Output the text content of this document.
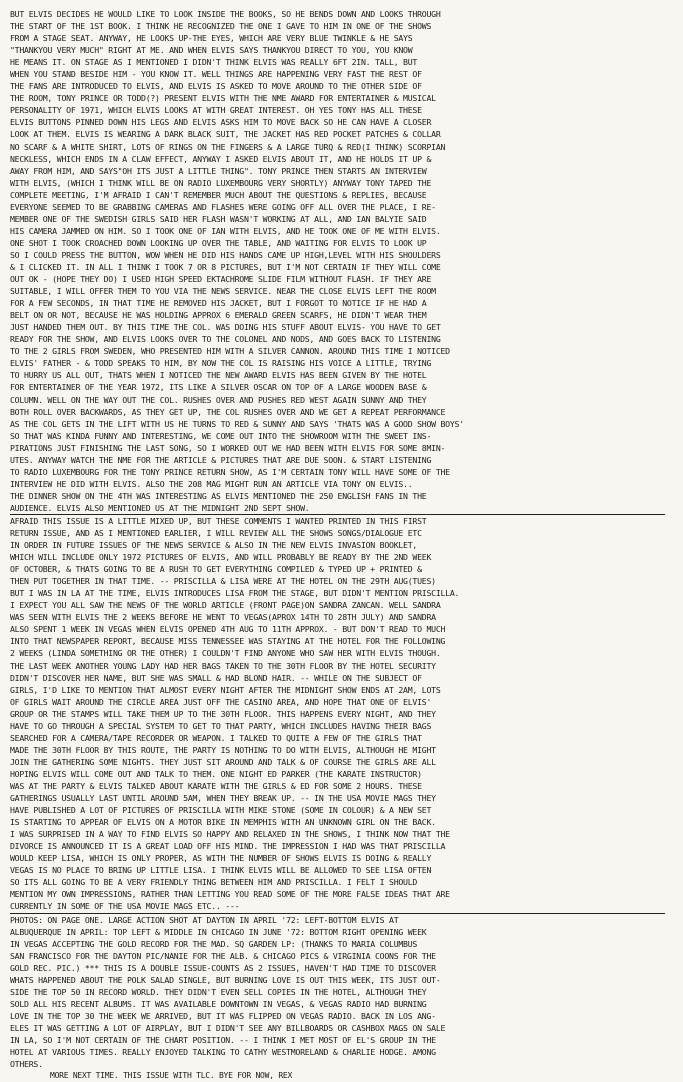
BUT ELVIS DECIDES HE WOULD LIKE TO LOOK INSIDE THE BOOKS, SO HE BENDS DOWN AND LOOKS THROUGH
THE START OF THE 1ST BOOK. I THINK HE RECOGNIZED THE ONE I GAVE TO HIM IN ONE OF THE SHOWS
FROM A STAGE SEAT. ANYWAY, HE LOOKS UP-THE EYES, WHICH ARE VERY BLUE TWINKLE & HE SAYS
"THANKYOU VERY MUCH" RIGHT AT ME. AND WHEN ELVIS SAYS THANKYOU DIRECT TO YOU, YOU KNOW
HE MEANS IT. ON STAGE AS I MENTIONED I DIDN'T THINK ELVIS WAS REALLY 6FT 2IN. TALL, BUT
WHEN YOU STAND BESIDE HIM - YOU KNOW IT. WELL THINGS ARE HAPPENING VERY FAST THE REST OF
THE FANS ARE INTRODUCED TO ELVIS, AND ELVIS IS ASKED TO MOVE AROUND TO THE OTHER SIDE OF
THE ROOM, TONY PRINCE OR TODD(?) PRESENT ELVIS WITH THE NME AWARD FOR ENTERTAINER & MUSICAL
PERSONALITY OF 1971, WHICH ELVIS LOOKS AT WITH GREAT INTEREST. OH YES TONY HAS ALL THESE
ELVIS BUTTONS PINNED DOWN HIS LEGS AND ELVIS ASKS HIM TO MOVE BACK SO HE CAN HAVE A CLOSER
LOOK AT THEM. ELVIS IS WEARING A DARK BLACK SUIT, THE JACKET HAS RED POCKET PATCHES & COLLAR
NO SCARF & A WHITE SHIRT, LOTS OF RINGS ON THE FINGERS & A LARGE TURQ & RED(I THINK) SCORPIAN
NECKLESS, WHICH ENDS IN A CLAW EFFECT, ANYWAY I ASKED ELVIS ABOUT IT, AND HE HOLDS IT UP &
AWAY FROM HIM, AND SAYS"OH ITS JUST A LITTLE THING". TONY PRINCE THEN STARTS AN INTERVIEW
WITH ELVIS, (WHICH I THINK WILL BE ON RADIO LUXEMBOURG VERY SHORTLY) ANYWAY TONY TAPED THE
COMPLETE MEETING, I'M AFRAID I CAN'T REMEMBER MUCH ABOUT THE QUESTIONS & REPLIES, BECAUSE
EVERYONE SEEMED TO BE GRABBING CAMERAS AND FLASHES WERE GOING OFF ALL OVER THE PLACE, I RE-
MEMBER ONE OF THE SWEDISH GIRLS SAID HER FLASH WASN'T WORKING AT ALL, AND IAN BALYIE SAID
HIS CAMERA JAMMED ON HIM. SO I TOOK ONE OF IAN WITH ELVIS, AND HE TOOK ONE OF ME WITH ELVIS.
ONE SHOT I TOOK CROACHED DOWN LOOKING UP OVER THE TABLE, AND WAITING FOR ELVIS TO LOOK UP
SO I COULD PRESS THE BUTTON, WOW WHEN HE DID HIS HANDS CAME UP HIGH,LEVEL WITH HIS SHOULDERS
& I CLICKED IT. IN ALL I THINK I TOOK 7 OR 8 PICTURES, BUT I'M NOT CERTAIN IF THEY WILL COME
OUT OK - (HOPE THEY DO) I USED HIGH SPEED EKTACHROME SLIDE FILM WITHOUT FLASH. IF THEY ARE
SUITABLE, I WILL OFFER THEM TO YOU VIA THE NEWS SERVICE. NEAR THE CLOSE ELVIS LEFT THE ROOM
FOR A FEW SECONDS, IN THAT TIME HE REMOVED HIS JACKET, BUT I FORGOT TO NOTICE IF HE HAD A
BELT ON OR NOT, BECAUSE HE WAS HOLDING APPROX 6 EMERALD GREEN SCARFS, HE DIDN'T WEAR THEM
JUST HANDED THEM OUT. BY THIS TIME THE COL. WAS DOING HIS STUFF ABOUT ELVIS- YOU HAVE TO GET
READY FOR THE SHOW, AND ELVIS LOOKS OVER TO THE COLONEL AND NODS, AND GOES BACK TO LISTENING
TO THE 2 GIRLS FROM SWEDEN, WHO PRESENTED HIM WITH A SILVER CANNON. AROUND THIS TIME I NOTICED
ELVIS' FATHER - & TODD SPEAKS TO HIM, BY NOW THE COL IS RAISING HIS VOICE A LITTLE, TRYING
TO HURRY US ALL OUT, THATS WHEN I NOTICED THE NEW AWARD ELVIS HAS BEEN GIVEN BY THE HOTEL
FOR ENTERTAINER OF THE YEAR 1972, ITS LIKE A SILVER OSCAR ON TOP OF A LARGE WOODEN BASE &
COLUMN. WELL ON THE WAY OUT THE COL. RUSHES OVER AND PUSHES RED WEST AGAIN SUNNY AND THEY
BOTH ROLL OVER BACKWARDS, AS THEY GET UP, THE COL RUSHES OVER AND WE GET A REPEAT PERFORMANCE
AS THE COL GETS IN THE LIFT WITH US HE TURNS TO RED & SUNNY AND SAYS 'THATS WAS A GOOD SHOW BOYS'
SO THAT WAS KINDA FUNNY AND INTERESTING, WE COME OUT INTO THE SHOWROOM WITH THE SWEET INS-
PIRATIONS JUST FINISHING THE LAST SONG, SO I WORKED OUT WE HAD BEEN WITH ELVIS FOR SOME 8MIN-
UTES. ANYWAY WATCH THE NME FOR THE ARTICLE & PICTURES THAT ARE DUE SOON. & START LISTENING
TO RADIO LUXEMBOURG FOR THE TONY PRINCE RETURN SHOW, AS I'M CERTAIN TONY WILL HAVE SOME OF THE
INTERVIEW HE DID WITH ELVIS. ALSO THE 208 MAG MIGHT RUN AN ARTICLE VIA TONY ON ELVIS..
THE DINNER SHOW ON THE 4TH WAS INTERESTING AS ELVIS MENTIONED THE 250 ENGLISH FANS IN THE
AUDIENCE. ELVIS ALSO MENTIONED US AT THE MIDNIGHT 2ND SEPT SHOW.
AFRAID THIS ISSUE IS A LITTLE MIXED UP, BUT THESE COMMENTS I WANTED PRINTED IN THIS FIRST
RETURN ISSUE, AND AS I MENTIONED EARLIER, I WILL REVIEW ALL THE SHOWS SONGS/DIALOGUE ETC
IN ORDER IN FUTURE ISSUES OF THE NEWS SERVICE & ALSO IN THE NEW ELVIS INVASION BOOKLET,
WHICH WILL INCLUDE ONLY 1972 PICTURES OF ELVIS, AND WILL PROBABLY BE READY BY THE 2ND WEEK
OF OCTOBER, & THATS GOING TO BE A RUSH TO GET EVERYTHING COMPILED & TYPED UP + PRINTED &
THEN PUT TOGETHER IN THAT TIME. -- PRISCILLA & LISA WERE AT THE HOTEL ON THE 29TH AUG(TUES)
BUT I WAS IN LA AT THE TIME, ELVIS INTRODUCES LISA FROM THE STAGE, BUT DIDN'T MENTION PRISCILLA.
I EXPECT YOU ALL SAW THE NEWS OF THE WORLD ARTICLE (FRONT PAGE)ON SANDRA ZANCAN. WELL SANDRA
WAS SEEN WITH ELVIS THE 2 WEEKS BEFORE HE WENT TO VEGAS(APROX 14TH TO 28TH JULY) AND SANDRA
ALSO SPENT 1 WEEK IN VEGAS WHEN ELVIS OPENED 4TH AUG TO 11TH APPROX. - BUT DON'T READ TO MUCH
INTO THAT NEWSPAPER REPORT, BECAUSE MISS TENNESSEE WAS STAYING AT THE HOTEL FOR THE FOLLOWING
2 WEEKS (LINDA SOMETHING OR THE OTHER) I COULDN'T FIND ANYONE WHO SAW HER WITH ELVIS THOUGH.
THE LAST WEEK ANOTHER YOUNG LADY HAD HER BAGS TAKEN TO THE 30TH FLOOR BY THE HOTEL SECURITY
DIDN'T DISCOVER HER NAME, BUT SHE WAS SMALL & HAD BLOND HAIR. -- WHILE ON THE SUBJECT OF
GIRLS, I'D LIKE TO MENTION THAT ALMOST EVERY NIGHT AFTER THE MIDNIGHT SHOW ENDS AT 2AM, LOTS
OF GIRLS WAIT AROUND THE CIRCLE AREA JUST OFF THE CASINO AREA, AND HOPE THAT ONE OF ELVIS'
GROUP OR THE STAMPS WILL TAKE THEM UP TO THE 30TH FLOOR. THIS HAPPENS EVERY NIGHT, AND THEY
HAVE TO GO THROUGH A SPECIAL SYSTEM TO GET TO THAT PARTY, WHICH INCLUDES HAVING THEIR BAGS
SEARCHED FOR A CAMERA/TAPE RECORDER OR WEAPON. I TALKED TO QUITE A FEW OF THE GIRLS THAT
MADE THE 30TH FLOOR BY THIS ROUTE, THE PARTY IS NOTHING TO DO WITH ELVIS, ALTHOUGH HE MIGHT
JOIN THE GATHERING SOME NIGHTS. THEY JUST SIT AROUND AND TALK & OF COURSE THE GIRLS ARE ALL
HOPING ELVIS WILL COME OUT AND TALK TO THEM. ONE NIGHT ED PARKER (THE KARATE INSTRUCTOR)
WAS AT THE PARTY & ELVIS TALKED ABOUT KARATE WITH THE GIRLS & ED FOR SOME 2 HOURS. THESE
GATHERINGS USUALLY LAST UNTIL AROUND 5AM, WHEN THEY BREAK UP. -- IN THE USA MOVIE MAGS THEY
HAVE PUBLISHED A LOT OF PICTURES OF PRISCILLA WITH MIKE STONE (SOME IN COLOUR) & A NEW SET
IS STARTING TO APPEAR OF ELVIS ON A MOTOR BIKE IN MEMPHIS WITH AN UNKNOWN GIRL ON THE BACK.
I WAS SURPRISED IN A WAY TO FIND ELVIS SO HAPPY AND RELAXED IN THE SHOWS, I THINK NOW THAT THE
DIVORCE IS ANNOUNCED IT IS A GREAT LOAD OFF HIS MIND. THE IMPRESSION I HAD WAS THAT PRISCILLA
WOULD KEEP LISA, WHICH IS ONLY PROPER, AS WITH THE NUMBER OF SHOWS ELVIS IS DOING & REALLY
VEGAS IS NO PLACE TO BRING UP LITTLE LISA. I THINK ELVIS WILL BE ALLOWED TO SEE LISA OFTEN
SO ITS ALL GOING TO BE A VERY FRIENDLY THING BETWEEN HIM AND PRISCILLA. I FELT I SHOULD
MENTION MY OWN IMPRESSIONS, RATHER THAN LETTING YOU READ SOME OF THE MORE FALSE IDEAS THAT ARE
CURRENTLY IN SOME OF THE USA MOVIE MAGS ETC.. ---
PHOTOS: ON PAGE ONE. LARGE ACTION SHOT AT DAYTON IN APRIL '72: LEFT-BOTTOM ELVIS AT
ALBUQUERQUE IN APRIL: TOP LEFT & MIDDLE IN CHICAGO IN JUNE '72: BOTTOM RIGHT OPENING WEEK
IN VEGAS ACCEPTING THE GOLD RECORD FOR THE MAD. SQ GARDEN LP: (THANKS TO MARIA COLUMBUS
SAN FRANCISCO FOR THE DAYTON PIC/NANIE FOR THE ALB. & CHICAGO PICS & VIRGINIA COONS FOR THE
GOLD REC. PIC.) *** THIS IS A DOUBLE ISSUE-COUNTS AS 2 ISSUES, HAVEN'T HAD TIME TO DISCOVER
WHATS HAPPENED ABOUT THE POLK SALAD SINGLE, BUT BURNING LOVE IS OUT THIS WEEK, ITS JUST OUT-
SIDE THE TOP 50 IN RECORD WORLD. THEY DIDN'T EVEN SELL COPIES IN THE HOTEL, ALTHOUGH THEY
SOLD ALL HIS RECENT ALBUMS. IT WAS AVAILABLE DOWNTOWN IN VEGAS, & VEGAS RADIO HAD BURNING
LOVE IN THE TOP 30 THE WEEK WE ARRIVED, BUT IT WAS FLIPPED ON VEGAS RADIO. BACK IN LOS ANG-
ELES IT WAS GETTING A LOT OF AIRPLAY, BUT I DIDN'T SEE ANY BILLBOARDS OR CASHBOX MAGS ON SALE
IN LA, SO I'M NOT CERTAIN OF THE CHART POSITION. -- I THINK I MET MOST OF EL'S GROUP IN THE
HOTEL AT VARIOUS TIMES. REALLY ENJOYED TALKING TO CATHY WESTMORELAND & CHARLIE HODGE. AMONG
OTHERS.
MORE NEXT TIME. THIS ISSUE WITH TLC. BYE FOR NOW, REX
